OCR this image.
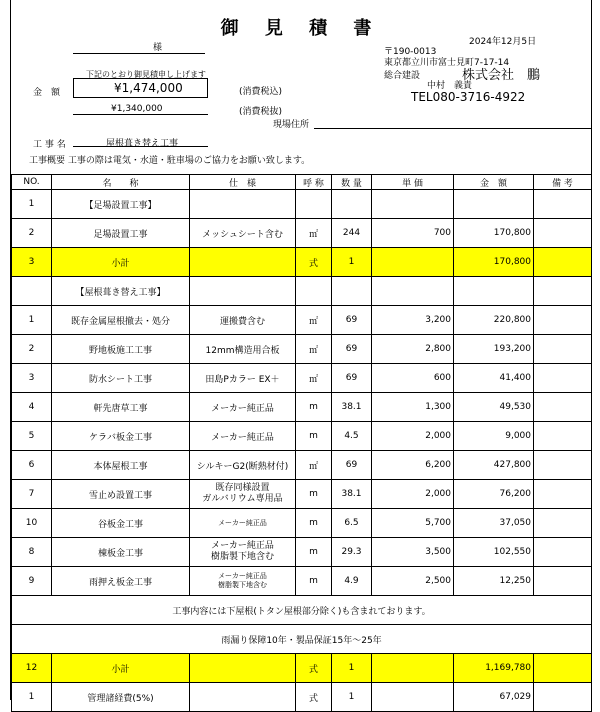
御 見 積 書
2024年12月5日
様	〒190-0013
東京都立川市富士見町7-17-14
総合建設	株式会社　鵬
中村　義貴
TEL080-3716-4922
下記のとおり御見積申し上げます
金　額	¥1,474,000	(消費税込)
¥1,340,000	(消費税抜)
現場住所
工 事 名	屋根葺き替え工事
工事概要 工事の際は電気・水道・駐車場のご協力をお願い致します。
NO.	名　　称	仕　様	呼 称	数 量	単 価	金　額	備 考
1	【足場設置工事】						
2	足場設置工事	メッシュシート含む	㎡	244	700	170,800	
3	小計		式	1		170,800	
	【屋根葺き替え工事】						
1	既存金属屋根撤去・処分	運搬費含む	㎡	69	3,200	220,800	
2	野地板施工工事	12mm構造用合板	㎡	69	2,800	193,200	
3	防水シート工事	田島Pカラー EX＋	㎡	69	600	41,400	
4	軒先唐草工事	メーカー純正品	m	38.1	1,300	49,530	
5	ケラバ板金工事	メーカー純正品	m	4.5	2,000	9,000	
6	本体屋根工事	シルキーG2(断熱材付)	㎡	69	6,200	427,800	
7	雪止め設置工事	既存同様設置
ガルバリウム専用品	m	38.1	2,000	76,200	
10	谷板金工事	メーカー純正品	m	6.5	5,700	37,050	
8	棟板金工事	メーカー純正品
樹脂製下地含む	m	29.3	3,500	102,550	
9	雨押え板金工事	メーカー純正品
樹脂製下地含む	m	4.9	2,500	12,250	
工事内容には下屋根(トタン屋根部分除く)も含まれております。							
雨漏り保障10年・製品保証15年～25年							
12	小計		式	1		1,169,780	
1	管理諸経費(5%)		式	1		67,029	
